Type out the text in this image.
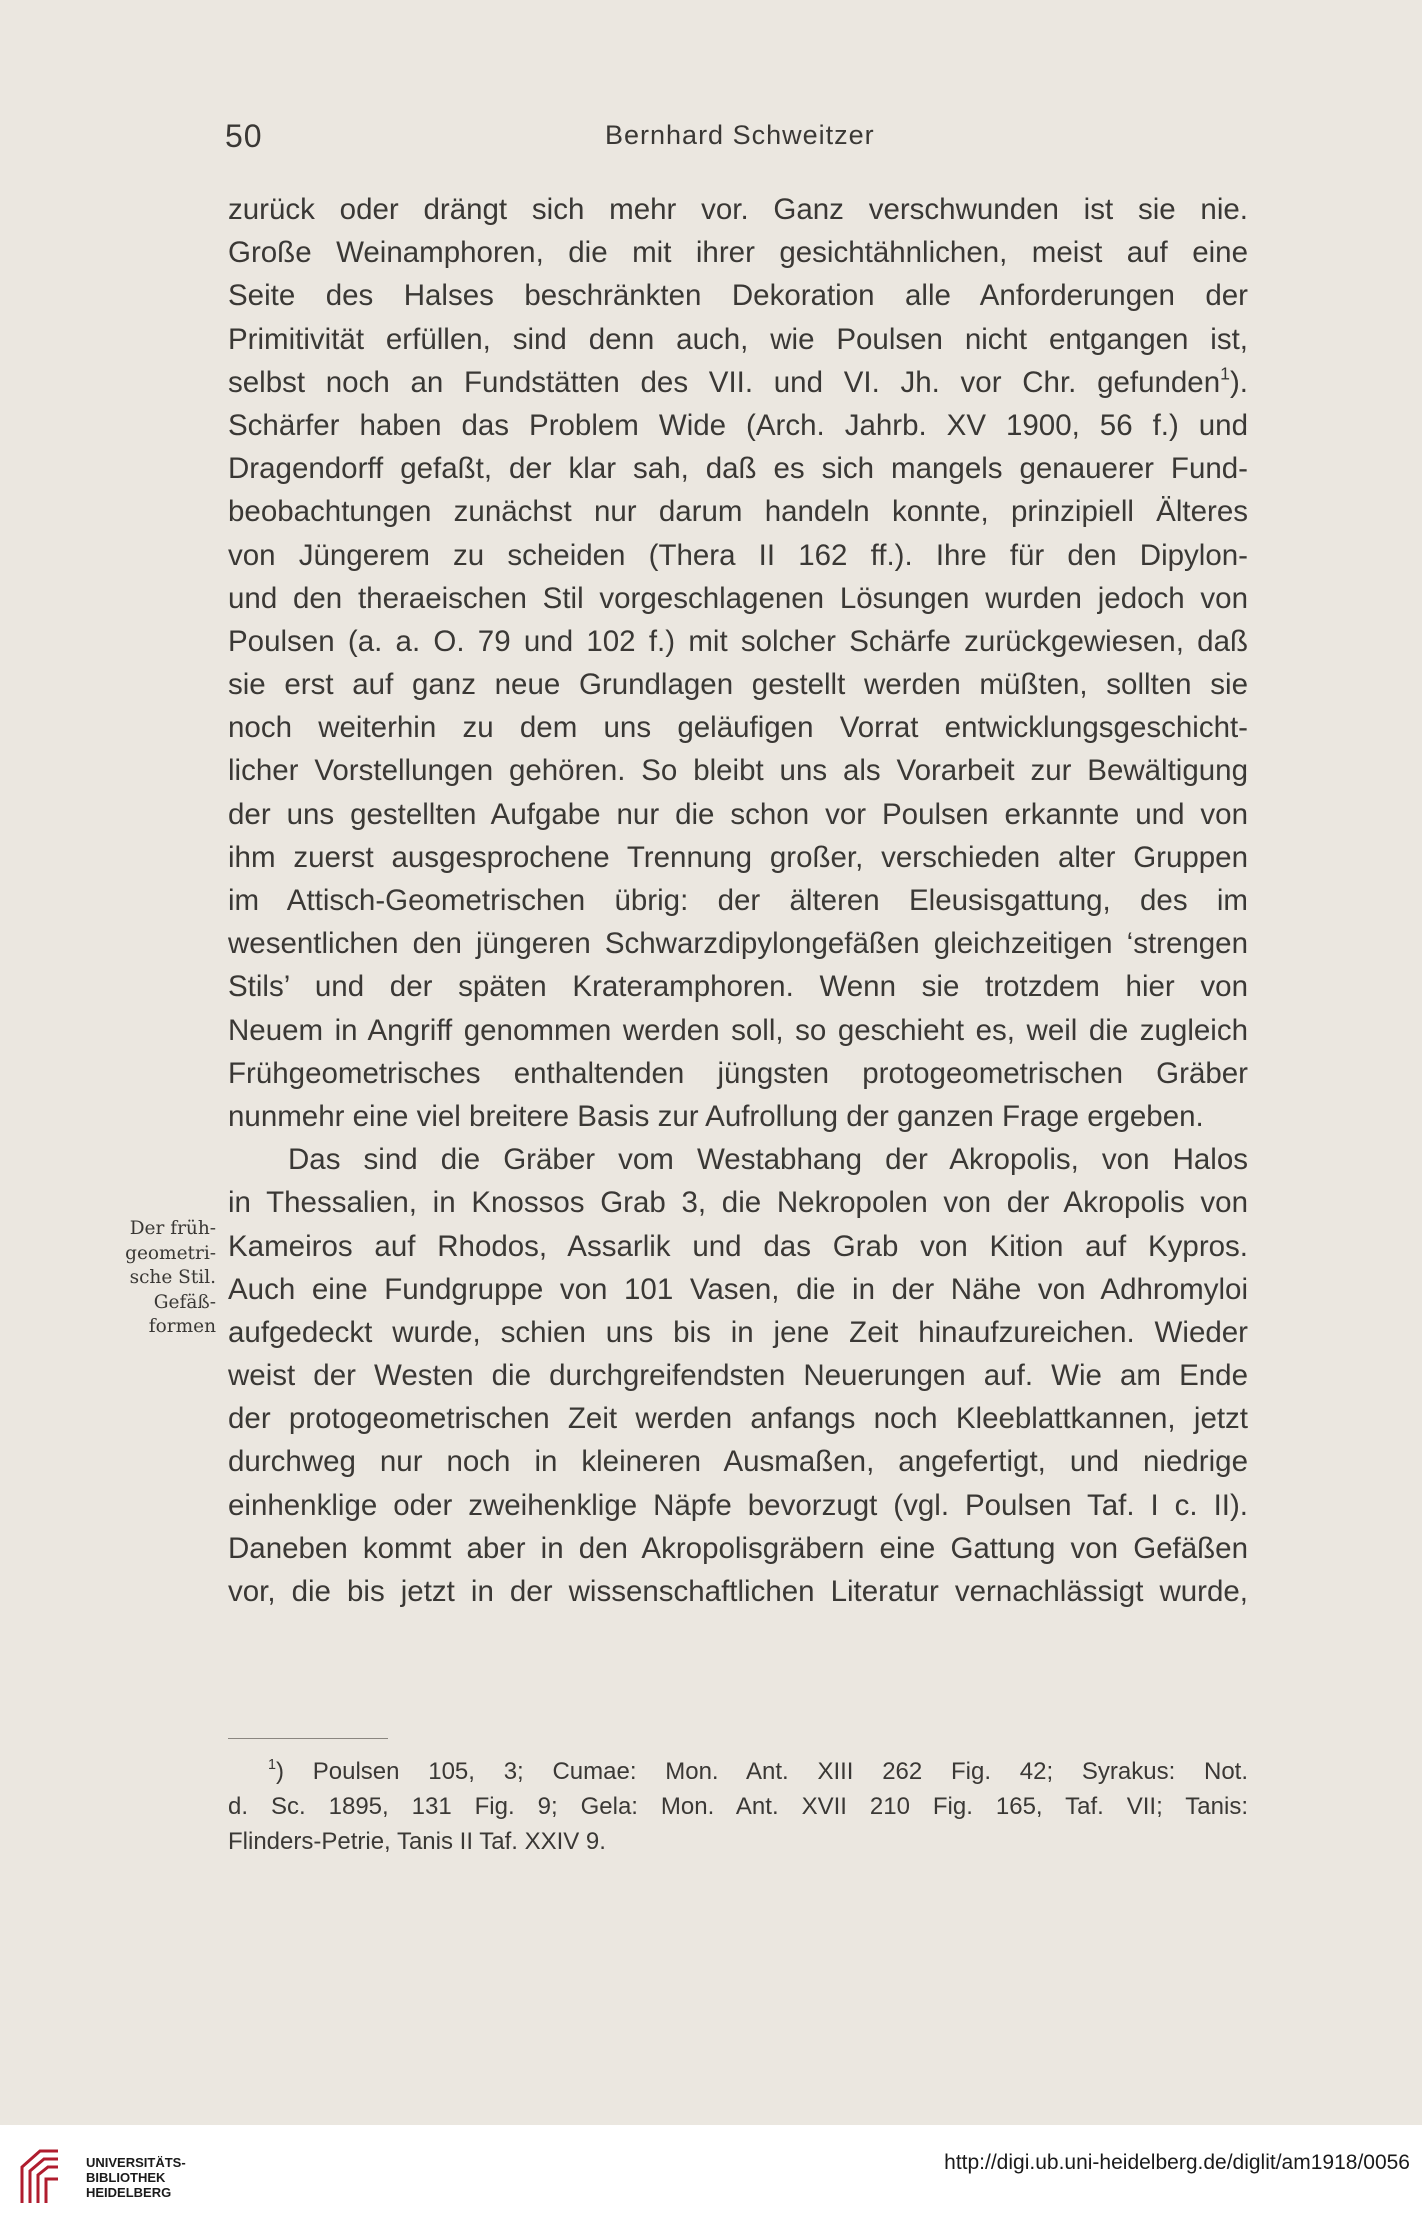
50	Bernhard Schweitzer
zurück oder drängt sich mehr vor. Ganz verschwunden ist sie nie.
Große Weinamphoren, die mit ihrer gesichtähnlichen, meist auf eine
Seite des Halses beschränkten Dekoration alle Anforderungen der
Primitivität erfüllen, sind denn auch, wie Poulsen nicht entgangen ist,
selbst noch an Fundstätten des VII. und VI. Jh. vor Chr. gefunden$^1$).
Schärfer haben das Problem Wide (Arch. Jahrb. XV 1900, 56 f.) und
Dragendorff gefaßt, der klar sah, daß es sich mangels genauerer Fund-
beobachtungen zunächst nur darum handeln konnte, prinzipiell Älteres
von Jüngerem zu scheiden (Thera II 162 ff.). Ihre für den Dipylon-
und den theraeischen Stil vorgeschlagenen Lösungen wurden jedoch von
Poulsen (a. a. O. 79 und 102 f.) mit solcher Schärfe zurückgewiesen, daß
sie erst auf ganz neue Grundlagen gestellt werden müßten, sollten sie
noch weiterhin zu dem uns geläufigen Vorrat entwicklungsgeschicht-
licher Vorstellungen gehören. So bleibt uns als Vorarbeit zur Bewältigung
der uns gestellten Aufgabe nur die schon vor Poulsen erkannte und von
ihm zuerst ausgesprochene Trennung großer, verschieden alter Gruppen
im Attisch-Geometrischen übrig: der älteren Eleusisgattung, des im
wesentlichen den jüngeren Schwarzdipylongefäßen gleichzeitigen ‘strengen
Stils’ und der späten Krateramphoren. Wenn sie trotzdem hier von
Neuem in Angriff genommen werden soll, so geschieht es, weil die zugleich
Frühgeometrisches enthaltenden jüngsten protogeometrischen Gräber
nunmehr eine viel breitere Basis zur Aufrollung der ganzen Frage ergeben.
Das sind die Gräber vom Westabhang der Akropolis, von Halos
in Thessalien, in Knossos Grab 3, die Nekropolen von der Akropolis von
Kameiros auf Rhodos, Assarlik und das Grab von Kition auf Kypros.
Auch eine Fundgruppe von 101 Vasen, die in der Nähe von Adhromyloi
aufgedeckt wurde, schien uns bis in jene Zeit hinaufzureichen. Wieder
weist der Westen die durchgreifendsten Neuerungen auf. Wie am Ende
der protogeometrischen Zeit werden anfangs noch Kleeblattkannen, jetzt
durchweg nur noch in kleineren Ausmaßen, angefertigt, und niedrige
einhenklige oder zweihenklige Näpfe bevorzugt (vgl. Poulsen Taf. I c. II).
Daneben kommt aber in den Akropolisgräbern eine Gattung von Gefäßen
vor, die bis jetzt in der wissenschaftlichen Literatur vernachlässigt wurde,
Der früh-
geometri-
sche Stil.
Gefäß-
formen
$^1$) Poulsen 105, 3; Cumae: Mon. Ant. XIII 262 Fig. 42; Syrakus: Not.
d. Sc. 1895, 131 Fig. 9; Gela: Mon. Ant. XVII 210 Fig. 165, Taf. VII; Tanis:
Flinders-Petrie, Tanis II Taf. XXIV 9.
UNIVERSITÄTS-
BIBLIOTHEK
HEIDELBERG
http://digi.ub.uni-heidelberg.de/diglit/am1918/0056
